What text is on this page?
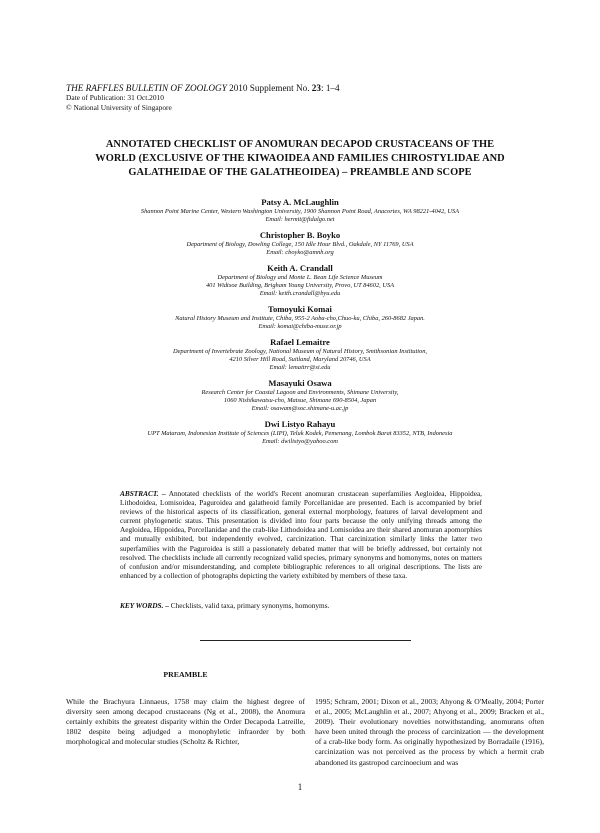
THE RAFFLES BULLETIN OF ZOOLOGY 2010 Supplement No. 23: 1–4
Date of Publication: 31 Oct.2010
© National University of Singapore
ANNOTATED CHECKLIST OF ANOMURAN DECAPOD CRUSTACEANS OF THE
WORLD (EXCLUSIVE OF THE KIWAOIDEA AND FAMILIES CHIROSTYLIDAE AND
GALATHEIDAE OF THE GALATHEOIDEA) – PREAMBLE AND SCOPE
Patsy A. McLaughlin
Shannon Point Marine Center, Western Washington University, 1900 Shannon Point Road, Anacortes, WA 98221-4042, USA
Email: hermit@fidalgo.net
Christopher B. Boyko
Department of Biology, Dowling College, 150 Idle Hour Blvd., Oakdale, NY 11769, USA
Email: cboyko@amnh.org
Keith A. Crandall
Department of Biology and Monte L. Bean Life Science Museum
401 Widtsoe Building, Brigham Young University, Provo, UT 84602, USA
Email: keith.crandall@byu.edu
Tomoyuki Komai
Natural History Museum and Institute, Chiba, 955-2 Aoba-cho,Chuo-ku, Chiba, 260-8682 Japan.
Email: komai@chiba-muse.or.jp
Rafael Lemaitre
Department of Invertebrate Zoology, National Museum of Natural History, Smithsonian Institution,
4210 Silver Hill Road, Suitland, Maryland 20746, USA
Email: lemaitrr@si.edu
Masayuki Osawa
Research Center for Coastal Lagoon and Environments, Shimane University,
1060 Nishikawatsu-cho, Matsue, Shimane 690-8504, Japan
Email: osawam@soc.shimane-u.ac.jp
Dwi Listyo Rahayu
UPT Mataram, Indonesian Institute of Sciences (LIPI), Teluk Kodek, Pemenang, Lombok Barat 83352, NTB, Indonesia
Email: dwilistyo@yahoo.com
ABSTRACT. – Annotated checklists of the world's Recent anomuran crustacean superfamilies Aegloidea, Hippoidea, Lithodoidea, Lomisoidea, Paguroidea and galatheoid family Porcellanidae are presented. Each is accompanied by brief reviews of the historical aspects of its classification, general external morphology, features of larval development and current phylogenetic status. This presentation is divided into four parts because the only unifying threads among the Aegloidea, Hippoidea, Porcellanidae and the crab-like Lithodoidea and Lomisoidea are their shared anomuran apomorphies and mutually exhibited, but independently evolved, carcinization. That carcinization similarly links the latter two superfamilies with the Paguroidea is still a passionately debated matter that will be briefly addressed, but certainly not resolved. The checklists include all currently recognized valid species, primary synonyms and homonyms, notes on matters of confusion and/or misunderstanding, and complete bibliographic references to all original descriptions. The lists are enhanced by a collection of photographs depicting the variety exhibited by members of these taxa.
KEY WORDS. – Checklists, valid taxa, primary synonyms, homonyms.
PREAMBLE

While the Brachyura Linnaeus, 1758 may claim the highest degree of diversity seen among decapod crustaceans (Ng et al., 2008), the Anomura certainly exhibits the greatest disparity within the Order Decapoda Latreille, 1802 despite being adjudged a monophyletic infraorder by both morphological and molecular studies (Scholtz & Richter,

1995; Schram, 2001; Dixon et al., 2003; Ahyong & O'Meally, 2004; Porter et al., 2005; McLaughlin et al., 2007; Ahyong et al., 2009; Bracken et al., 2009). Their evolutionary novelties notwithstanding, anomurans often have been united through the process of carcinization — the development of a crab-like body form. As originally hypothesized by Borradaile (1916), carcinization was not perceived as the process by which a hermit crab abandoned its gastropod carcinoecium and was

1
